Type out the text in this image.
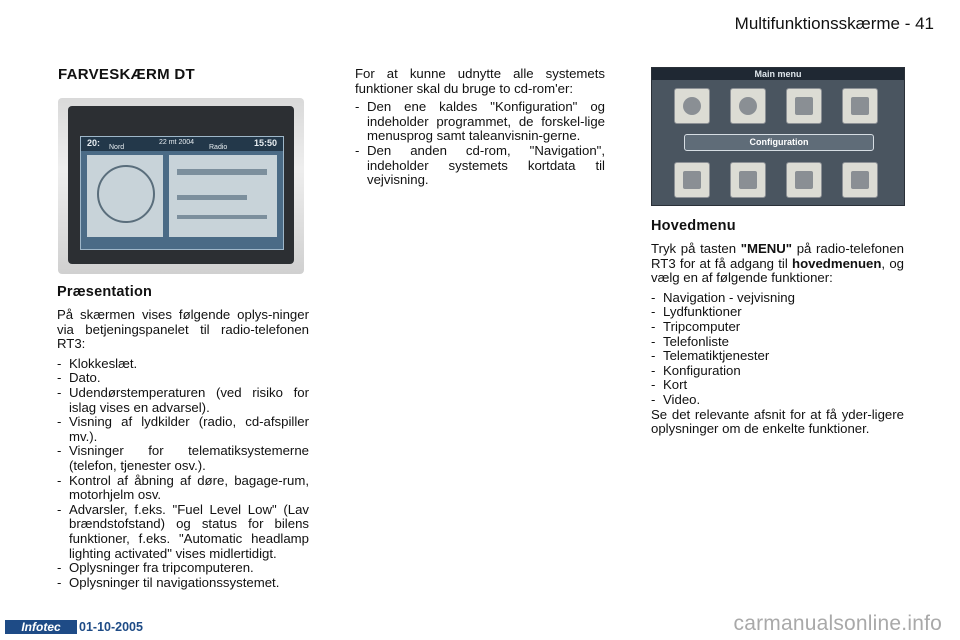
Multifunktionsskærme - 41
FARVESKÆRM DT
20:	22 mt 2004	15:50
Nord	Radio
Præsentation

På skærmen vises følgende oplys-ninger via betjeningspanelet til radio-telefonen RT3:

- Klokkeslæt.
- Dato.
- Udendørstemperaturen (ved risiko for islag vises en advarsel).
- Visning af lydkilder (radio, cd-afspiller mv.).
- Visninger for telematiksystemerne (telefon, tjenester osv.).
- Kontrol af åbning af døre, bagage-rum, motorhjelm osv.
- Advarsler, f.eks. "Fuel Level Low" (Lav brændstofstand) og status for bilens funktioner, f.eks. "Automatic headlamp lighting activated" vises midlertidigt.
- Oplysninger fra tripcomputeren.
- Oplysninger til navigationssystemet.

For at kunne udnytte alle systemets funktioner skal du bruge to cd-rom'er:

- Den ene kaldes "Konfiguration" og indeholder programmet, de forskel-lige menusprog samt taleanvisnin-gerne.
- Den anden cd-rom, "Navigation", indeholder systemets kortdata til vejvisning.
Main menu
Configuration
Hovedmenu

Tryk på tasten "MENU" på radio-telefonen RT3 for at få adgang til hovedmenuen, og vælg en af følgende funktioner:

- Navigation - vejvisning
- Lydfunktioner
- Tripcomputer
- Telefonliste
- Telematiktjenester
- Konfiguration
- Kort
- Video.

Se det relevante afsnit for at få yder-ligere oplysninger om de enkelte funktioner.

Infotec	01-10-2005	carmanualsonline.info
